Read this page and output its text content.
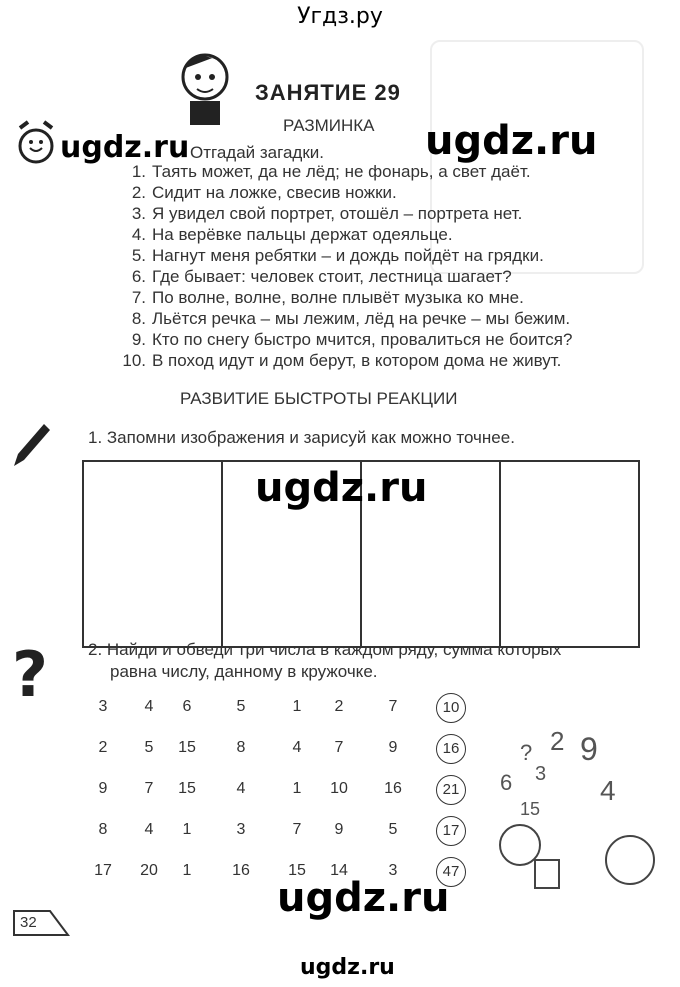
Угдз.ру
ЗАНЯТИЕ 29
РАЗМИНКА
ugdz.ru Отгадай загадки.	ugdz.ru
1. Таять может, да не лёд; не фонарь, а свет даёт.
2. Сидит на ложке, свесив ножки.
3. Я увидел свой портрет, отошёл – портрета нет.
4. На верёвке пальцы держат одеяльце.
5. Нагнут меня ребятки – и дождь пойдёт на грядки.
6. Где бывает: человек стоит, лестница шагает?
7. По волне, волне, волне плывёт музыка ко мне.
8. Льётся речка – мы лежим, лёд на речке – мы бежим.
9. Кто по снегу быстро мчится, провалиться не боится?
10. В поход идут и дом берут, в котором дома не живут.
РАЗВИТИЕ БЫСТРОТЫ РЕАКЦИИ
1. Запомни изображения и зарисуй как можно точнее.
ugdz.ru
? 2. Найди и обведи три числа в каждом ряду, сумма которых
равна числу, данному в кружочке.
3	4	6	5	1	2	7	10
2	5	15	8	4	7	9	16
9	7	15	4	1	10	16	21
8	4	1	3	7	9	5	17
17	20	1	16	15	14	3	47
? 2
6 3
15
9
4
ugdz.ru
32
ugdz.ru
